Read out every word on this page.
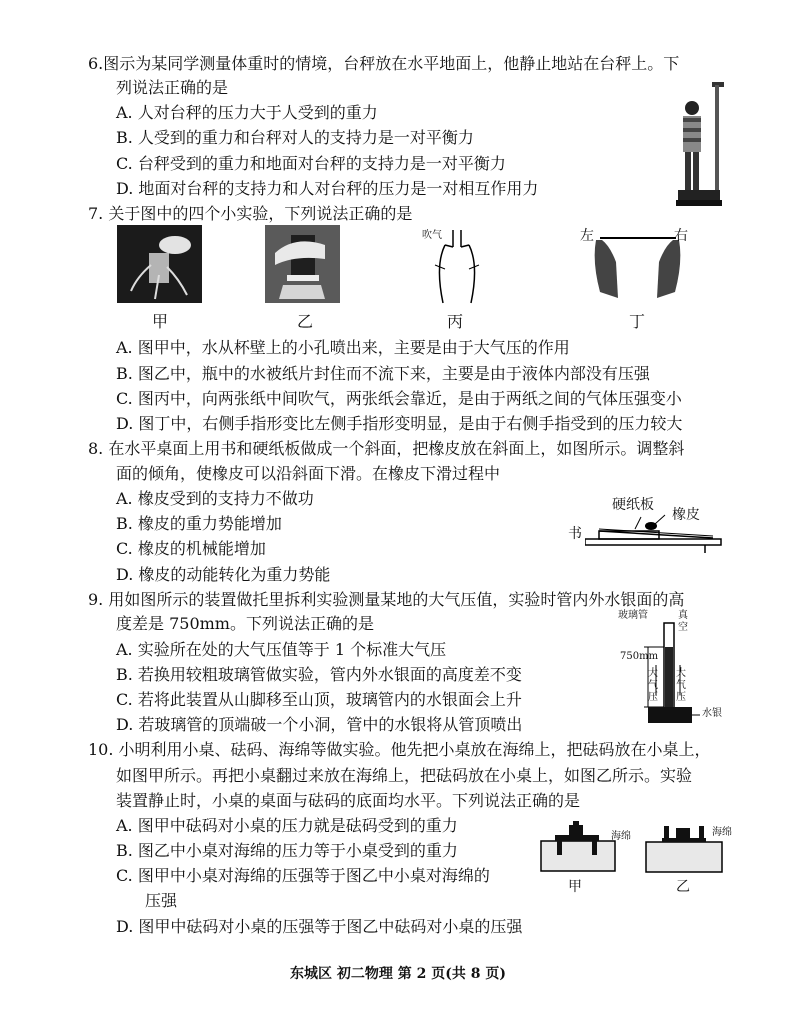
6.图示为某同学测量体重时的情境，台秤放在水平地面上，他静止地站在台秤上。下
列说法正确的是
A. 人对台秤的压力大于人受到的重力
B. 人受到的重力和台秤对人的支持力是一对平衡力
C. 台秤受到的重力和地面对台秤的支持力是一对平衡力
D. 地面对台秤的支持力和人对台秤的压力是一对相互作用力
7. 关于图中的四个小实验，下列说法正确的是
吹气	左	右
甲	乙	丙	丁
A. 图甲中，水从杯壁上的小孔喷出来，主要是由于大气压的作用
B. 图乙中，瓶中的水被纸片封住而不流下来，主要是由于液体内部没有压强
C. 图丙中，向两张纸中间吹气，两张纸会靠近，是由于两纸之间的气体压强变小
D. 图丁中，右侧手指形变比左侧手指形变明显，是由于右侧手指受到的压力较大
8. 在水平桌面上用书和硬纸板做成一个斜面，把橡皮放在斜面上，如图所示。调整斜
面的倾角，使橡皮可以沿斜面下滑。在橡皮下滑过程中
A. 橡皮受到的支持力不做功
B. 橡皮的重力势能增加
C. 橡皮的机械能增加
D. 橡皮的动能转化为重力势能
硬纸板
橡皮
书
9. 用如图所示的装置做托里拆利实验测量某地的大气压值，实验时管内外水银面的高
度差是 750mm。下列说法正确的是
A. 实验所在处的大气压值等于 1 个标准大气压
B. 若换用较粗玻璃管做实验，管内外水银面的高度差不变
C. 若将此装置从山脚移至山顶，玻璃管内的水银面会上升
D. 若玻璃管的顶端破一个小洞，管中的水银将从管顶喷出
玻璃管	真
空
750mm
大
气
压
大
气
压
水银
10. 小明利用小桌、砝码、海绵等做实验。他先把小桌放在海绵上，把砝码放在小桌上，
如图甲所示。再把小桌翻过来放在海绵上，把砝码放在小桌上，如图乙所示。实验
装置静止时，小桌的桌面与砝码的底面均水平。下列说法正确的是
A. 图甲中砝码对小桌的压力就是砝码受到的重力
B. 图乙中小桌对海绵的压力等于小桌受到的重力
C. 图甲中小桌对海绵的压强等于图乙中小桌对海绵的
压强
D. 图甲中砝码对小桌的压强等于图乙中砝码对小桌的压强
海绵	海绵
甲	乙
东城区 初二物理 第 2 页(共 8 页)
